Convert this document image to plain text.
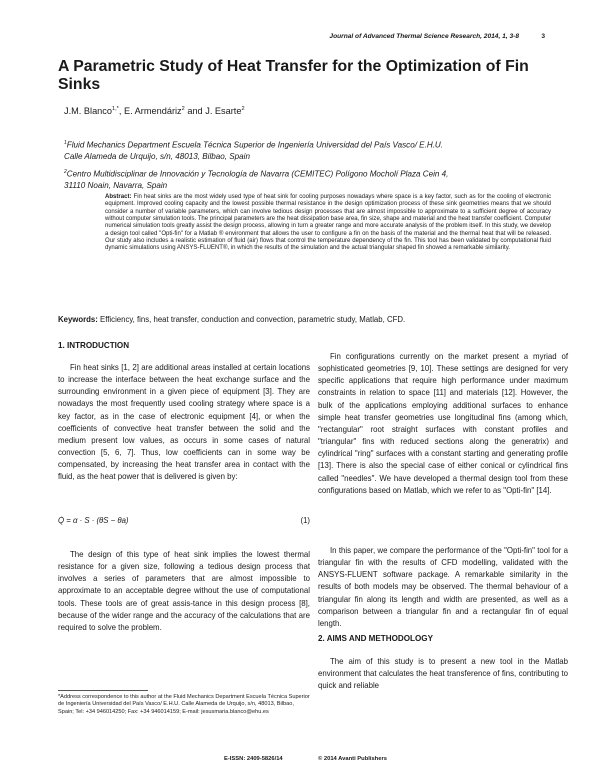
Journal of Advanced Thermal Science Research, 2014, 1, 3-8	3
A Parametric Study of Heat Transfer for the Optimization of Fin Sinks
J.M. Blanco$^{1,*}$, E. Armendáriz$^2$ and J. Esarte$^2$
$^1$Fluid Mechanics Department Escuela Técnica Superior de Ingeniería Universidad del País Vasco/ E.H.U.
Calle Alameda de Urquijo, s/n, 48013, Bilbao, Spain
$^2$Centro Multidisciplinar de Innovación y Tecnología de Navarra (CEMITEC) Polígono Mocholí Plaza Cein 4,
31110 Noain, Navarra, Spain
Abstract: Fin heat sinks are the most widely used type of heat sink for cooling purposes nowadays where space is a key factor, such as for the cooling of electronic equipment. Improved cooling capacity and the lowest possible thermal resistance in the design optimization process of these sink geometries means that we should consider a number of variable parameters, which can involve tedious design processes that are almost impossible to approximate to a sufficient degree of accuracy without computer simulation tools. The principal parameters are the heat dissipation base area, fin size, shape and material and the heat transfer coefficient. Computer numerical simulation tools greatly assist the design process, allowing in turn a greater range and more accurate analysis of the problem itself. In this study, we develop a design tool called "Opti-fin" for a Matlab ® environment that allows the user to configure a fin on the basis of the material and the thermal heat that will be released. Our study also includes a realistic estimation of fluid (air) flows that control the temperature dependency of the fin. This tool has been validated by computational fluid dynamic simulations using ANSYS-FLUENT®, in which the results of the simulation and the actual triangular shaped fin showed a remarkable similarity.
Keywords: Efficiency, fins, heat transfer, conduction and convection, parametric study, Matlab, CFD.
1. INTRODUCTION

Fin heat sinks [1, 2] are additional areas installed at certain locations to increase the interface between the heat exchange surface and the surrounding environment in a given piece of equipment [3]. They are nowadays the most frequently used cooling strategy where space is a key factor, as in the case of electronic equipment [4], or when the coefficients of convective heat transfer between the solid and the medium present low values, as occurs in some cases of natural convection [5, 6, 7]. Thus, low coefficients can in some way be compensated, by increasing the heat transfer area in contact with the fluid, as the heat power that is delivered is given by:

Q̇ = α · S · (θS − θa)	(1)

The design of this type of heat sink implies the lowest thermal resistance for a given size, following a tedious design process that involves a series of parameters that are almost impossible to approximate to an acceptable degree without the use of computational tools. These tools are of great assis-tance in this design process [8], because of the wider range and the accuracy of the calculations that are required to solve the problem.

*Address correspondence to this author at the Fluid Mechanics Department Escuela Técnica Superior de Ingeniería Universidad del País Vasco/ E.H.U. Calle Alameda de Urquijo, s/n, 48013, Bilbao, Spain; Tel: +34 946014250; Fax: +34 946014159; E-mail: jesusmaria.blanco@ehu.es

Fin configurations currently on the market present a myriad of sophisticated geometries [9, 10]. These settings are designed for very specific applications that require high performance under maximum constraints in relation to space [11] and materials [12]. However, the bulk of the applications employing additional surfaces to enhance simple heat transfer geometries use longitudinal fins (among which, "rectangular" root straight surfaces with constant profiles and "triangular" fins with reduced sections along the generatrix) and cylindrical "ring" surfaces with a constant starting and generating profile [13]. There is also the special case of either conical or cylindrical fins called "needles". We have developed a thermal design tool from these configurations based on Matlab, which we refer to as "Opti-fin" [14].

In this paper, we compare the performance of the "Opti-fin" tool for a triangular fin with the results of CFD modelling, validated with the ANSYS-FLUENT software package. A remarkable similarity in the results of both models may be observed. The thermal behaviour of a triangular fin along its length and width are presented, as well as a comparison between a triangular fin and a rectangular fin of equal length.

2. AIMS AND METHODOLOGY

The aim of this study is to present a new tool in the Matlab environment that calculates the heat transference of fins, contributing to quick and reliable

E-ISSN: 2409-5826/14	© 2014 Avanti Publishers
